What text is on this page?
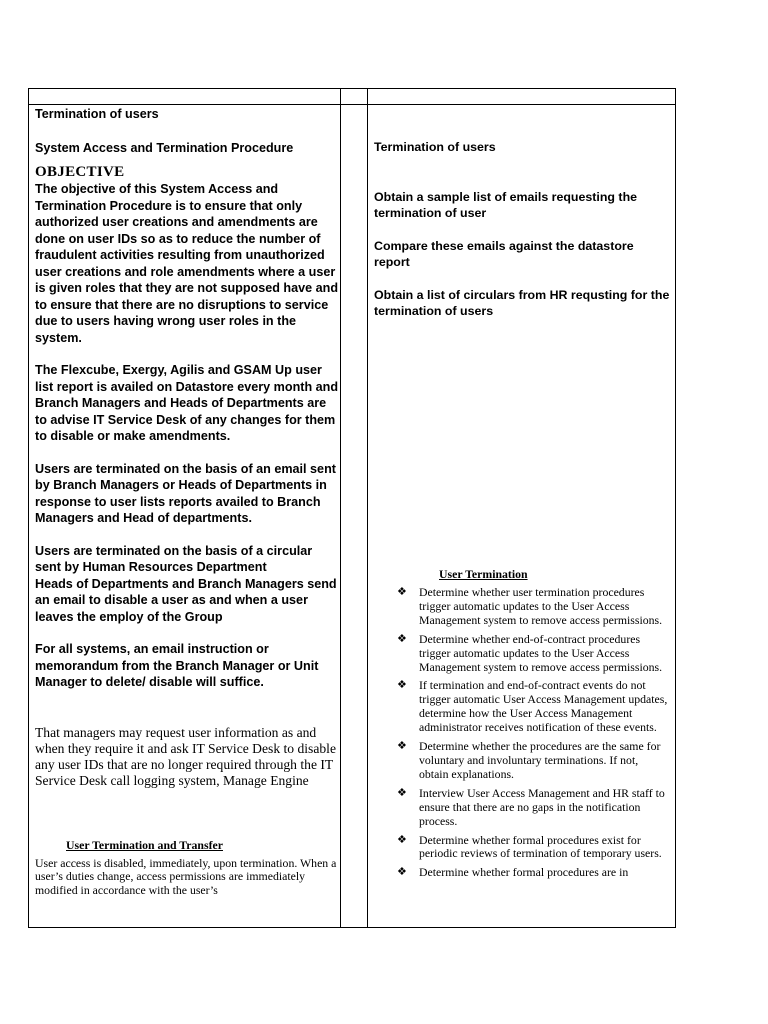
Termination of users

System Access and Termination Procedure

OBJECTIVE

The objective of this System Access and Termination Procedure is to ensure that only authorized user creations and amendments are done on user IDs so as to reduce the number of fraudulent activities resulting from unauthorized user creations and role amendments where a user is given roles that they are not supposed have and to ensure that there are no disruptions to service due to users having wrong user roles in the system.

The Flexcube, Exergy, Agilis and GSAM Up user list report is availed on Datastore every month and Branch Managers and Heads of Departments are to advise IT Service Desk of any changes for them to disable or make amendments.

Users are terminated on the basis of an email sent by Branch Managers or Heads of Departments in response to user lists reports availed to Branch Managers and Head of departments.

Users are terminated on the basis of a circular sent by Human Resources Department

Heads of Departments and Branch Managers send an email to disable a user as and when a user leaves the employ of the Group

For all systems, an email instruction or memorandum from the Branch Manager or Unit Manager to delete/ disable will suffice.

That managers may request user information as and when they require it and ask IT Service Desk to disable any user IDs that are no longer required through the IT Service Desk call logging system, Manage Engine

User Termination and Transfer

User access is disabled, immediately, upon termination. When a user’s duties change, access permissions are immediately modified in accordance with the user’s

Termination of users

Obtain a sample list of emails requesting the termination of user

Compare these emails against the datastore report

Obtain a list of circulars from HR requsting for the termination of users

User Termination

❖ Determine whether user termination procedures trigger automatic updates to the User Access Management system to remove access permissions.
❖ Determine whether end-of-contract procedures trigger automatic updates to the User Access Management system to remove access permissions.
❖ If termination and end-of-contract events do not trigger automatic User Access Management updates, determine how the User Access Management administrator receives notification of these events.
❖ Determine whether the procedures are the same for voluntary and involuntary terminations. If not, obtain explanations.
❖ Interview User Access Management and HR staff to ensure that there are no gaps in the notification process.
❖ Determine whether formal procedures exist for periodic reviews of termination of temporary users.
❖ Determine whether formal procedures are in
